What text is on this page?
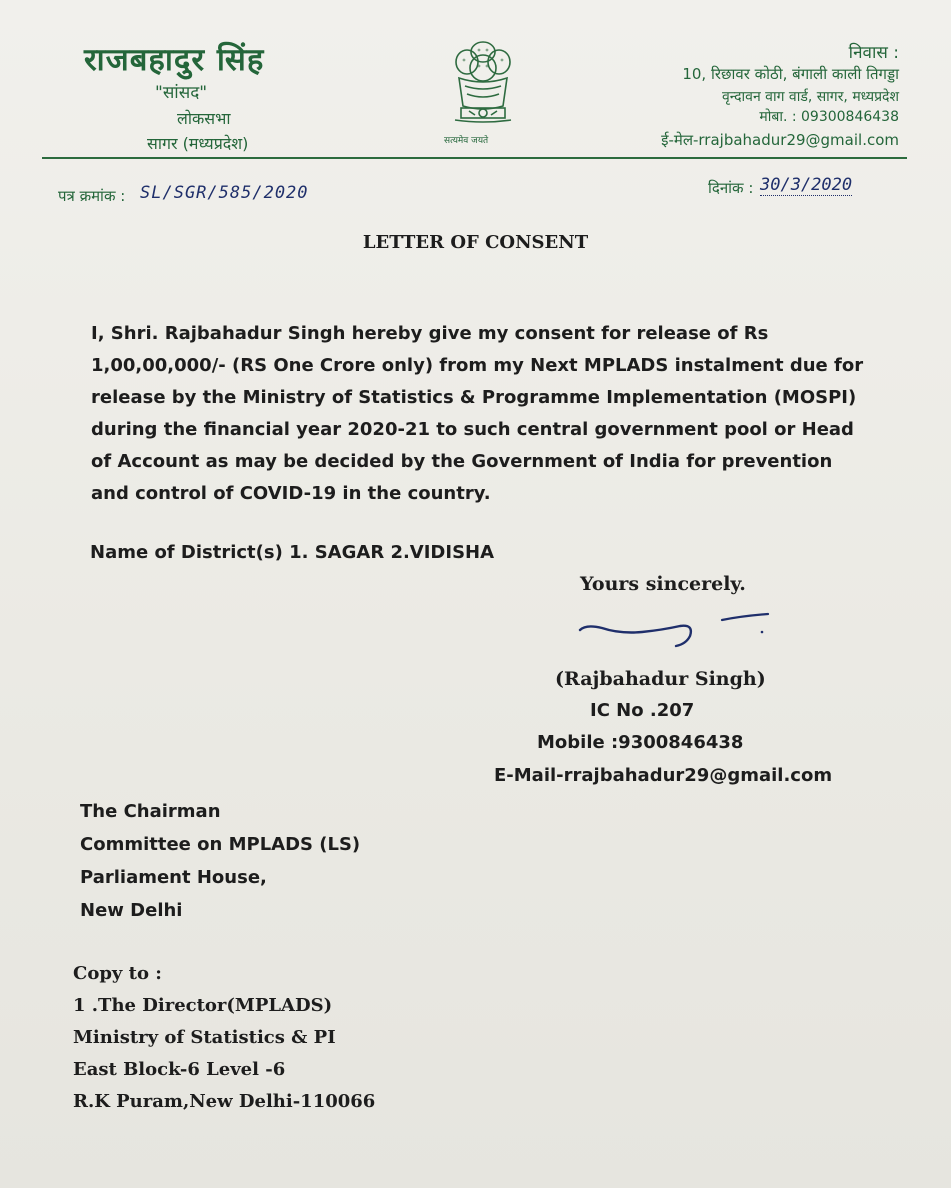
राजबहादुर सिंह
"सांसद"
लोकसभा
सागर (मध्यप्रदेश)	सत्यमेव जयते
निवास :
10, रिछावर कोठी, बंगाली काली तिगड्डा
वृन्दावन वाग वार्ड, सागर, मध्यप्रदेश
मोबा. : 09300846438
ई-मेल-rrajbahadur29@gmail.com
पत्र क्रमांक : SL/SGR/585/2020	दिनांक : 30/3/2020
LETTER OF CONSENT
I, Shri. Rajbahadur Singh hereby give my consent for release of Rs 1,00,00,000/- (RS One Crore only) from my Next MPLADS instalment due for release by the Ministry of Statistics & Programme Implementation (MOSPI) during the financial year 2020-21 to such central government pool or Head of Account as may be decided by the Government of India for prevention and control of COVID-19 in the country.
Name of District(s) 1. SAGAR 2.VIDISHA
Yours sincerely.
(Rajbahadur Singh)
IC No .207
Mobile :9300846438
E-Mail-rrajbahadur29@gmail.com
The Chairman
Committee on MPLADS (LS)
Parliament House,
New Delhi
Copy to :
1 .The Director(MPLADS)
Ministry of Statistics & PI
East Block-6 Level -6
R.K Puram,New Delhi-110066
